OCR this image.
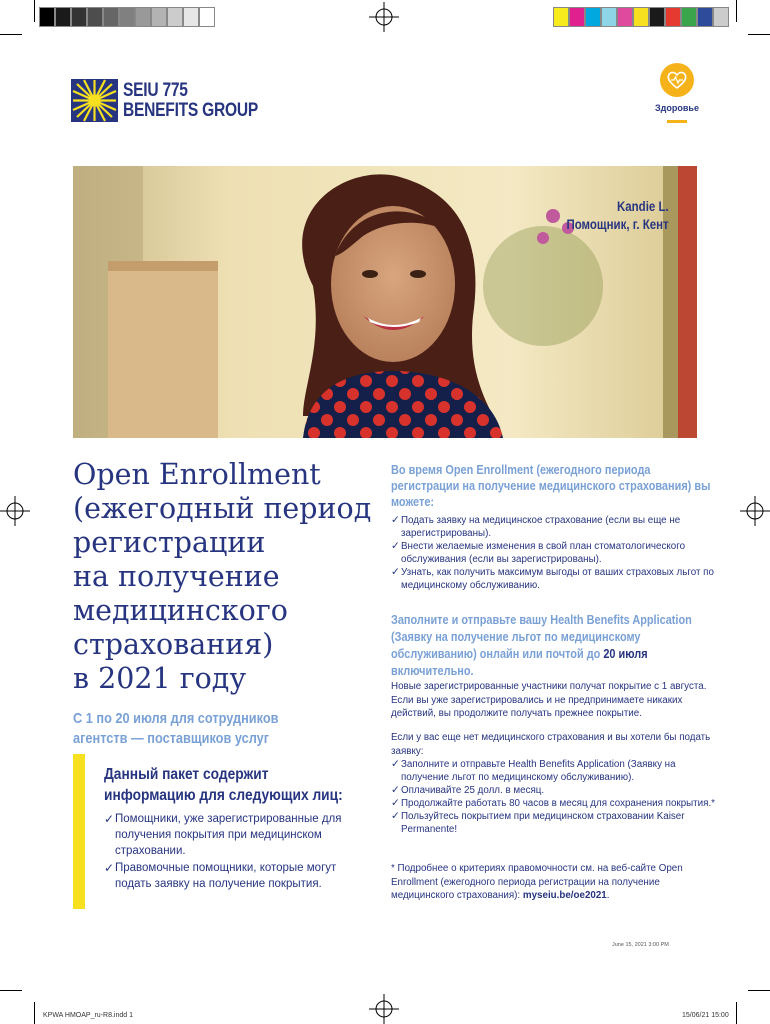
SEIU 775
BENEFITS GROUP	Здоровье
Kandie L.
Помощник, г. Кент
Open Enrollment
(ежегодный период
регистрации
на получение
медицинского
страхования)
в 2021 году
С 1 по 20 июля для сотрудников агентств — поставщиков услуг
Данный пакет содержит информацию для следующих лиц:
✓ Помощники, уже зарегистрированные для получения покрытия при медицинском страховании.
✓ Правомочные помощники, которые могут подать заявку на получение покрытия.
Во время Open Enrollment (ежегодного периода регистрации на получение медицинского страхования) вы можете:
✓ Подать заявку на медицинское страхование (если вы еще не зарегистрированы).
✓ Внести желаемые изменения в свой план стоматологического обслуживания (если вы зарегистрированы).
✓ Узнать, как получить максимум выгоды от ваших страховых льгот по медицинскому обслуживанию.
Заполните и отправьте вашу Health Benefits Application (Заявку на получение льгот по медицинскому обслуживанию) онлайн или почтой до 20 июля включительно.

Новые зарегистрированные участники получат покрытие с 1 августа. Если вы уже зарегистрировались и не предпринимаете никаких действий, вы продолжите получать прежнее покрытие.

Если у вас еще нет медицинского страхования и вы хотели бы подать заявку:

✓ Заполните и отправьте Health Benefits Application (Заявку на получение льгот по медицинскому обслуживанию).
✓ Оплачивайте 25 долл. в месяц.
✓ Продолжайте работать 80 часов в месяц для сохранения покрытия.*
✓ Пользуйтесь покрытием при медицинском страховании Kaiser Permanente!

* Подробнее о критериях правомочности см. на веб-сайте Open Enrollment (ежегодного периода регистрации на получение медицинского страхования): myseiu.be/oe2021.

June 15, 2021 3:00 PM
KPWA HMOAP_ru-R8.indd 1	15/06/21 15:00
